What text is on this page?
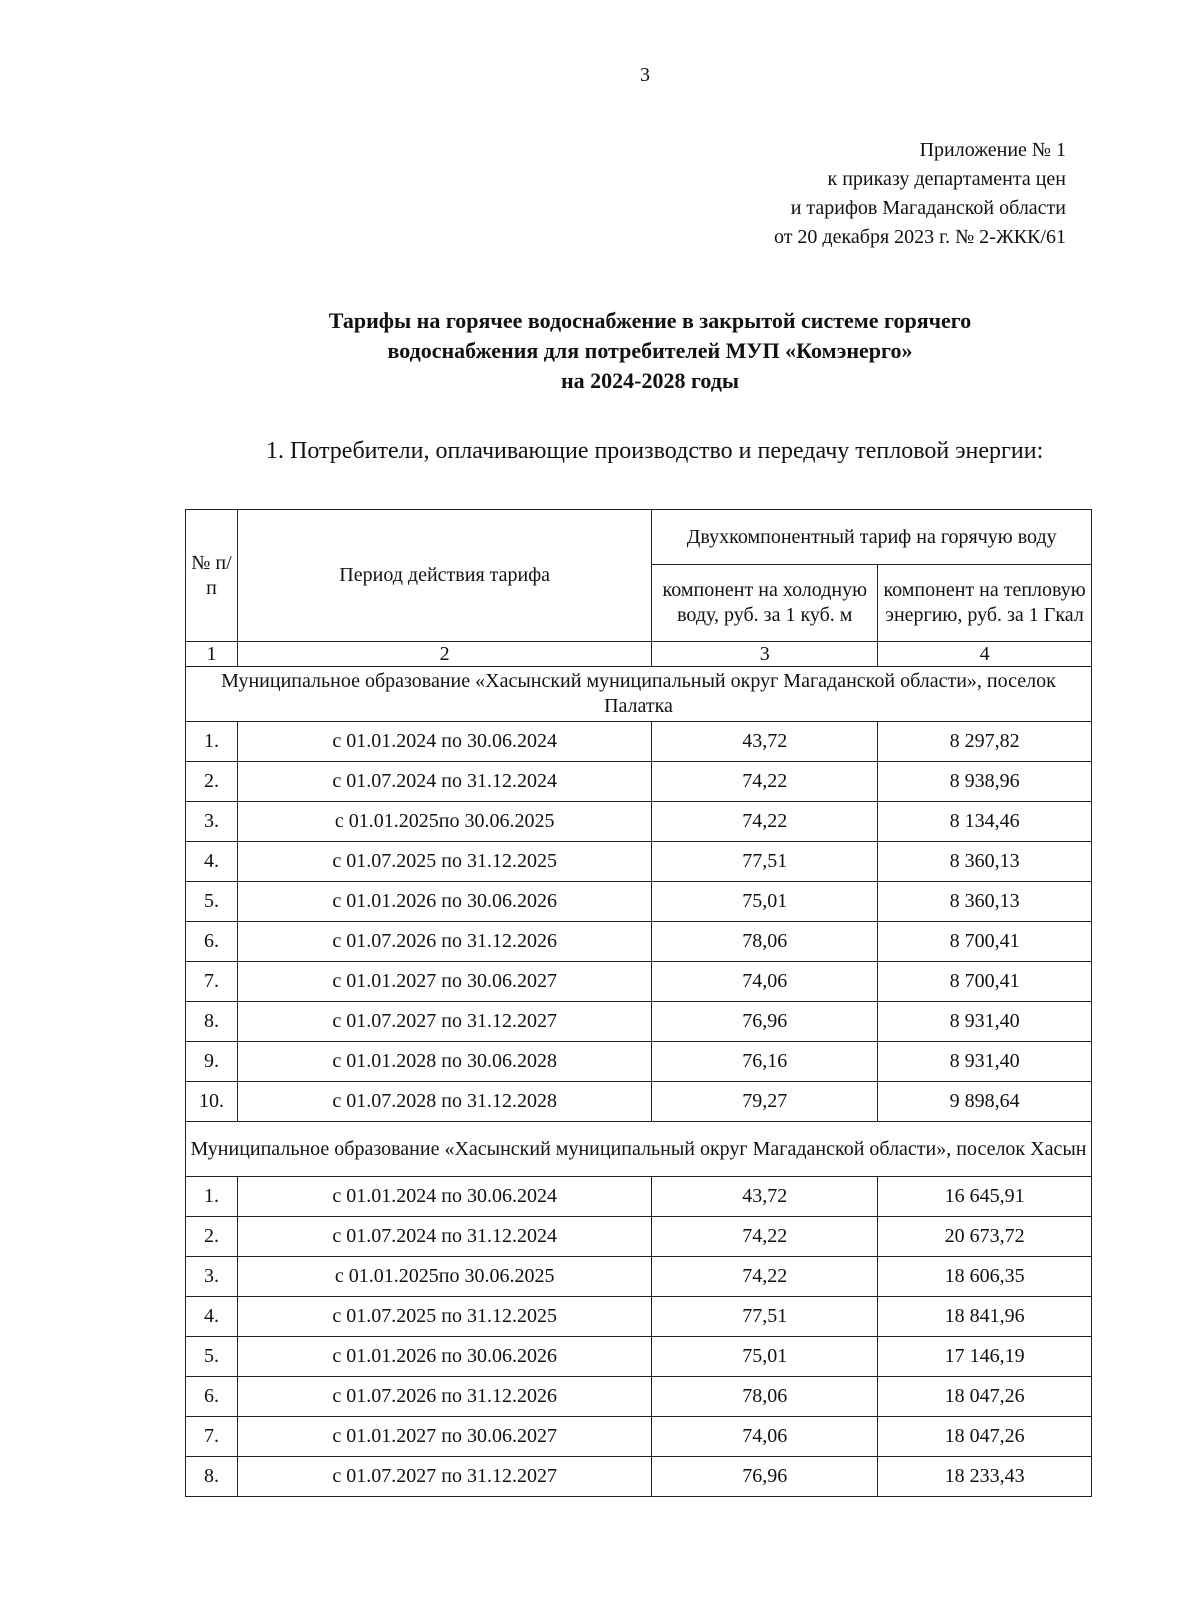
3
Приложение № 1
к приказу департамента цен
и тарифов Магаданской области
от 20 декабря 2023 г. № 2-ЖКК/61
Тарифы на горячее водоснабжение в закрытой системе горячего
водоснабжения для потребителей МУП «Комэнерго»
на 2024-2028 годы
1. Потребители, оплачивающие производство и передачу тепловой энергии:
№ п/п	Период действия тарифа	Двухкомпонентный тариф на горячую воду	
		компонент на холодную воду, руб. за 1 куб. м	компонент на тепловую энергию, руб. за 1 Гкал
1	2	3	4
Муниципальное образование «Хасынский муниципальный округ Магаданской области», поселок Палатка			
1.	с 01.01.2024 по 30.06.2024	43,72	8 297,82
2.	с 01.07.2024 по 31.12.2024	74,22	8 938,96
3.	с 01.01.2025по 30.06.2025	74,22	8 134,46
4.	с 01.07.2025 по 31.12.2025	77,51	8 360,13
5.	с 01.01.2026 по 30.06.2026	75,01	8 360,13
6.	с 01.07.2026 по 31.12.2026	78,06	8 700,41
7.	с 01.01.2027 по 30.06.2027	74,06	8 700,41
8.	с 01.07.2027 по 31.12.2027	76,96	8 931,40
9.	с 01.01.2028 по 30.06.2028	76,16	8 931,40
10.	с 01.07.2028 по 31.12.2028	79,27	9 898,64
Муниципальное образование «Хасынский муниципальный округ Магаданской области», поселок Хасын			
1.	с 01.01.2024 по 30.06.2024	43,72	16 645,91
2.	с 01.07.2024 по 31.12.2024	74,22	20 673,72
3.	с 01.01.2025по 30.06.2025	74,22	18 606,35
4.	с 01.07.2025 по 31.12.2025	77,51	18 841,96
5.	с 01.01.2026 по 30.06.2026	75,01	17 146,19
6.	с 01.07.2026 по 31.12.2026	78,06	18 047,26
7.	с 01.01.2027 по 30.06.2027	74,06	18 047,26
8.	с 01.07.2027 по 31.12.2027	76,96	18 233,43
